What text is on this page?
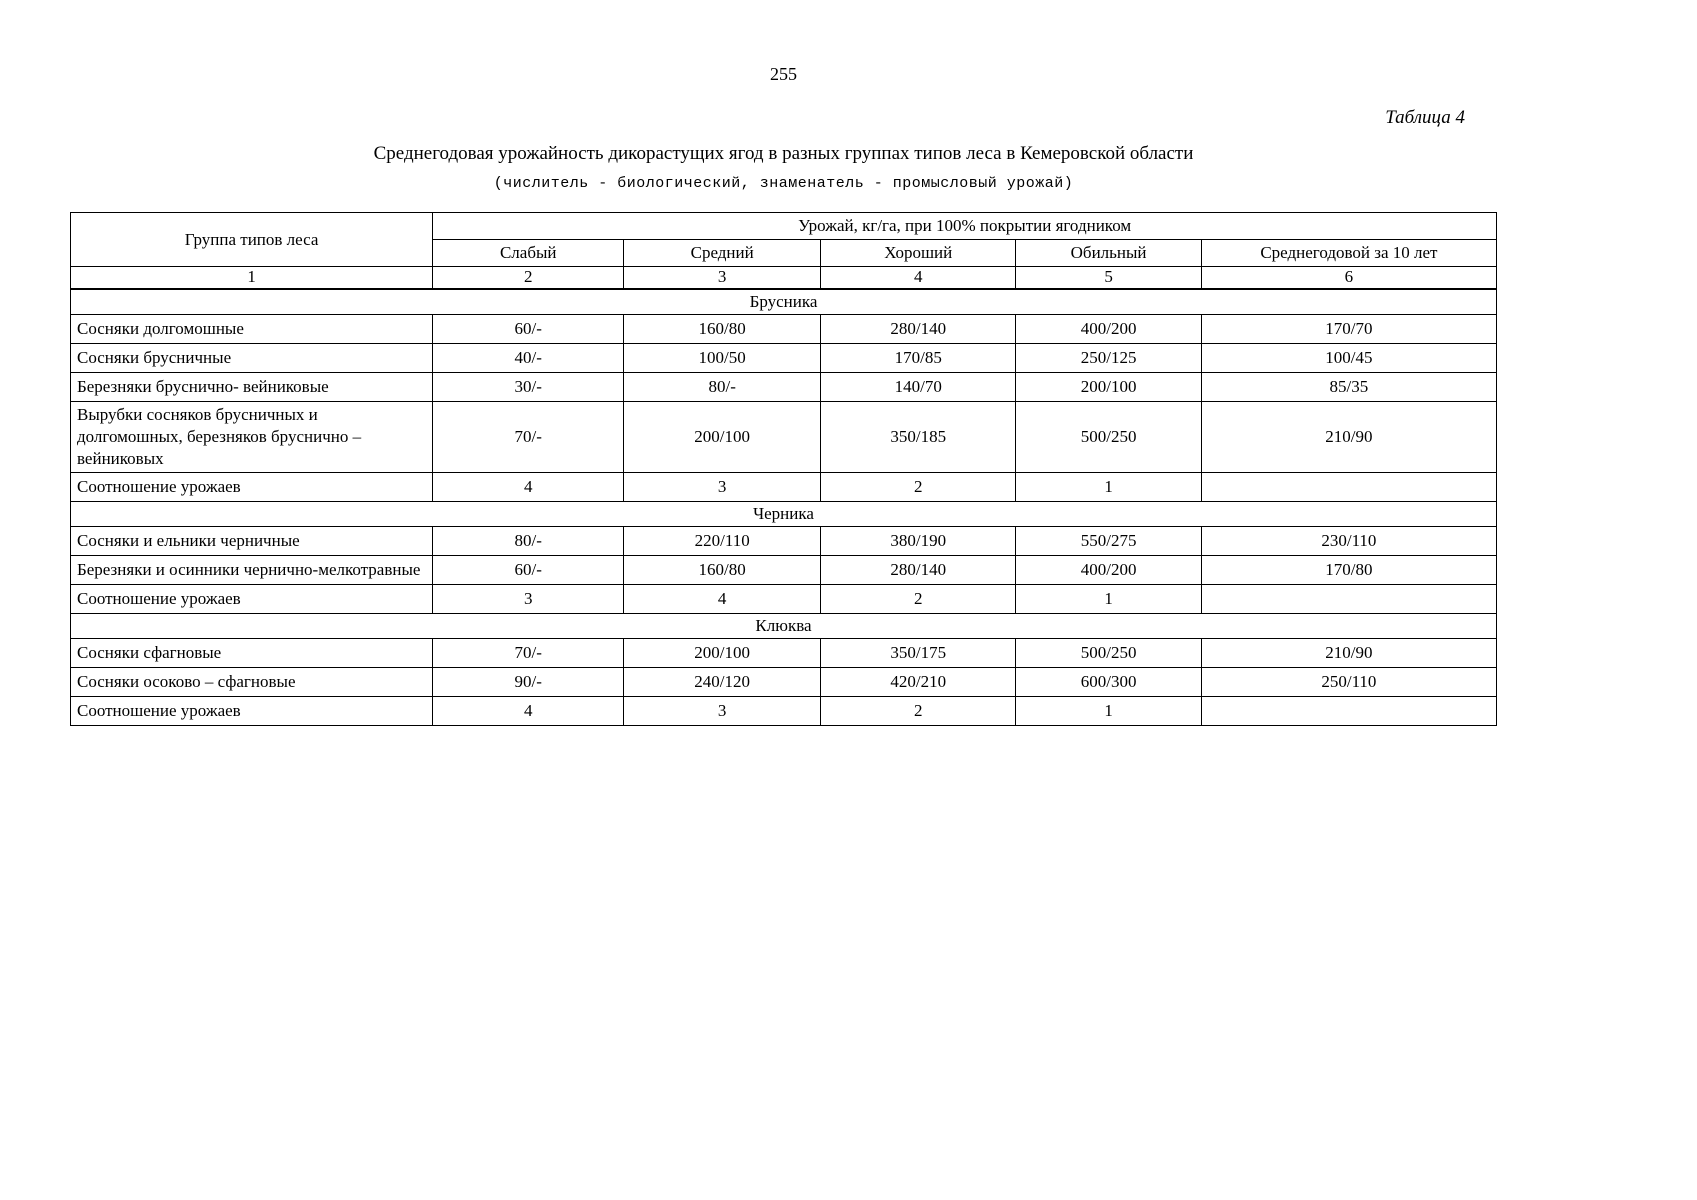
255
Таблица 4
Среднегодовая урожайность дикорастущих ягод в разных группах типов леса в Кемеровской области
(числитель - биологический, знаменатель - промысловый урожай)
Группа типов леса	Урожай, кг/га, при 100% покрытии ягодником				
	Слабый	Средний	Хороший	Обильный	Среднегодовой за 10 лет
1	2	3	4	5	6
Брусника					
Сосняки долгомошные	60/-	160/80	280/140	400/200	170/70
Сосняки брусничные	40/-	100/50	170/85	250/125	100/45
Березняки бруснично- вейниковые	30/-	80/-	140/70	200/100	85/35
Вырубки сосняков брусничных и долгомошных, березняков бруснично – вейниковых	70/-	200/100	350/185	500/250	210/90
Соотношение урожаев	4	3	2	1	
Черника					
Сосняки и ельники черничные	80/-	220/110	380/190	550/275	230/110
Березняки и осинники чернично-мелкотравные	60/-	160/80	280/140	400/200	170/80
Соотношение урожаев	3	4	2	1	
Клюква					
Сосняки сфагновые	70/-	200/100	350/175	500/250	210/90
Сосняки осоково – сфагновые	90/-	240/120	420/210	600/300	250/110
Соотношение урожаев	4	3	2	1	
